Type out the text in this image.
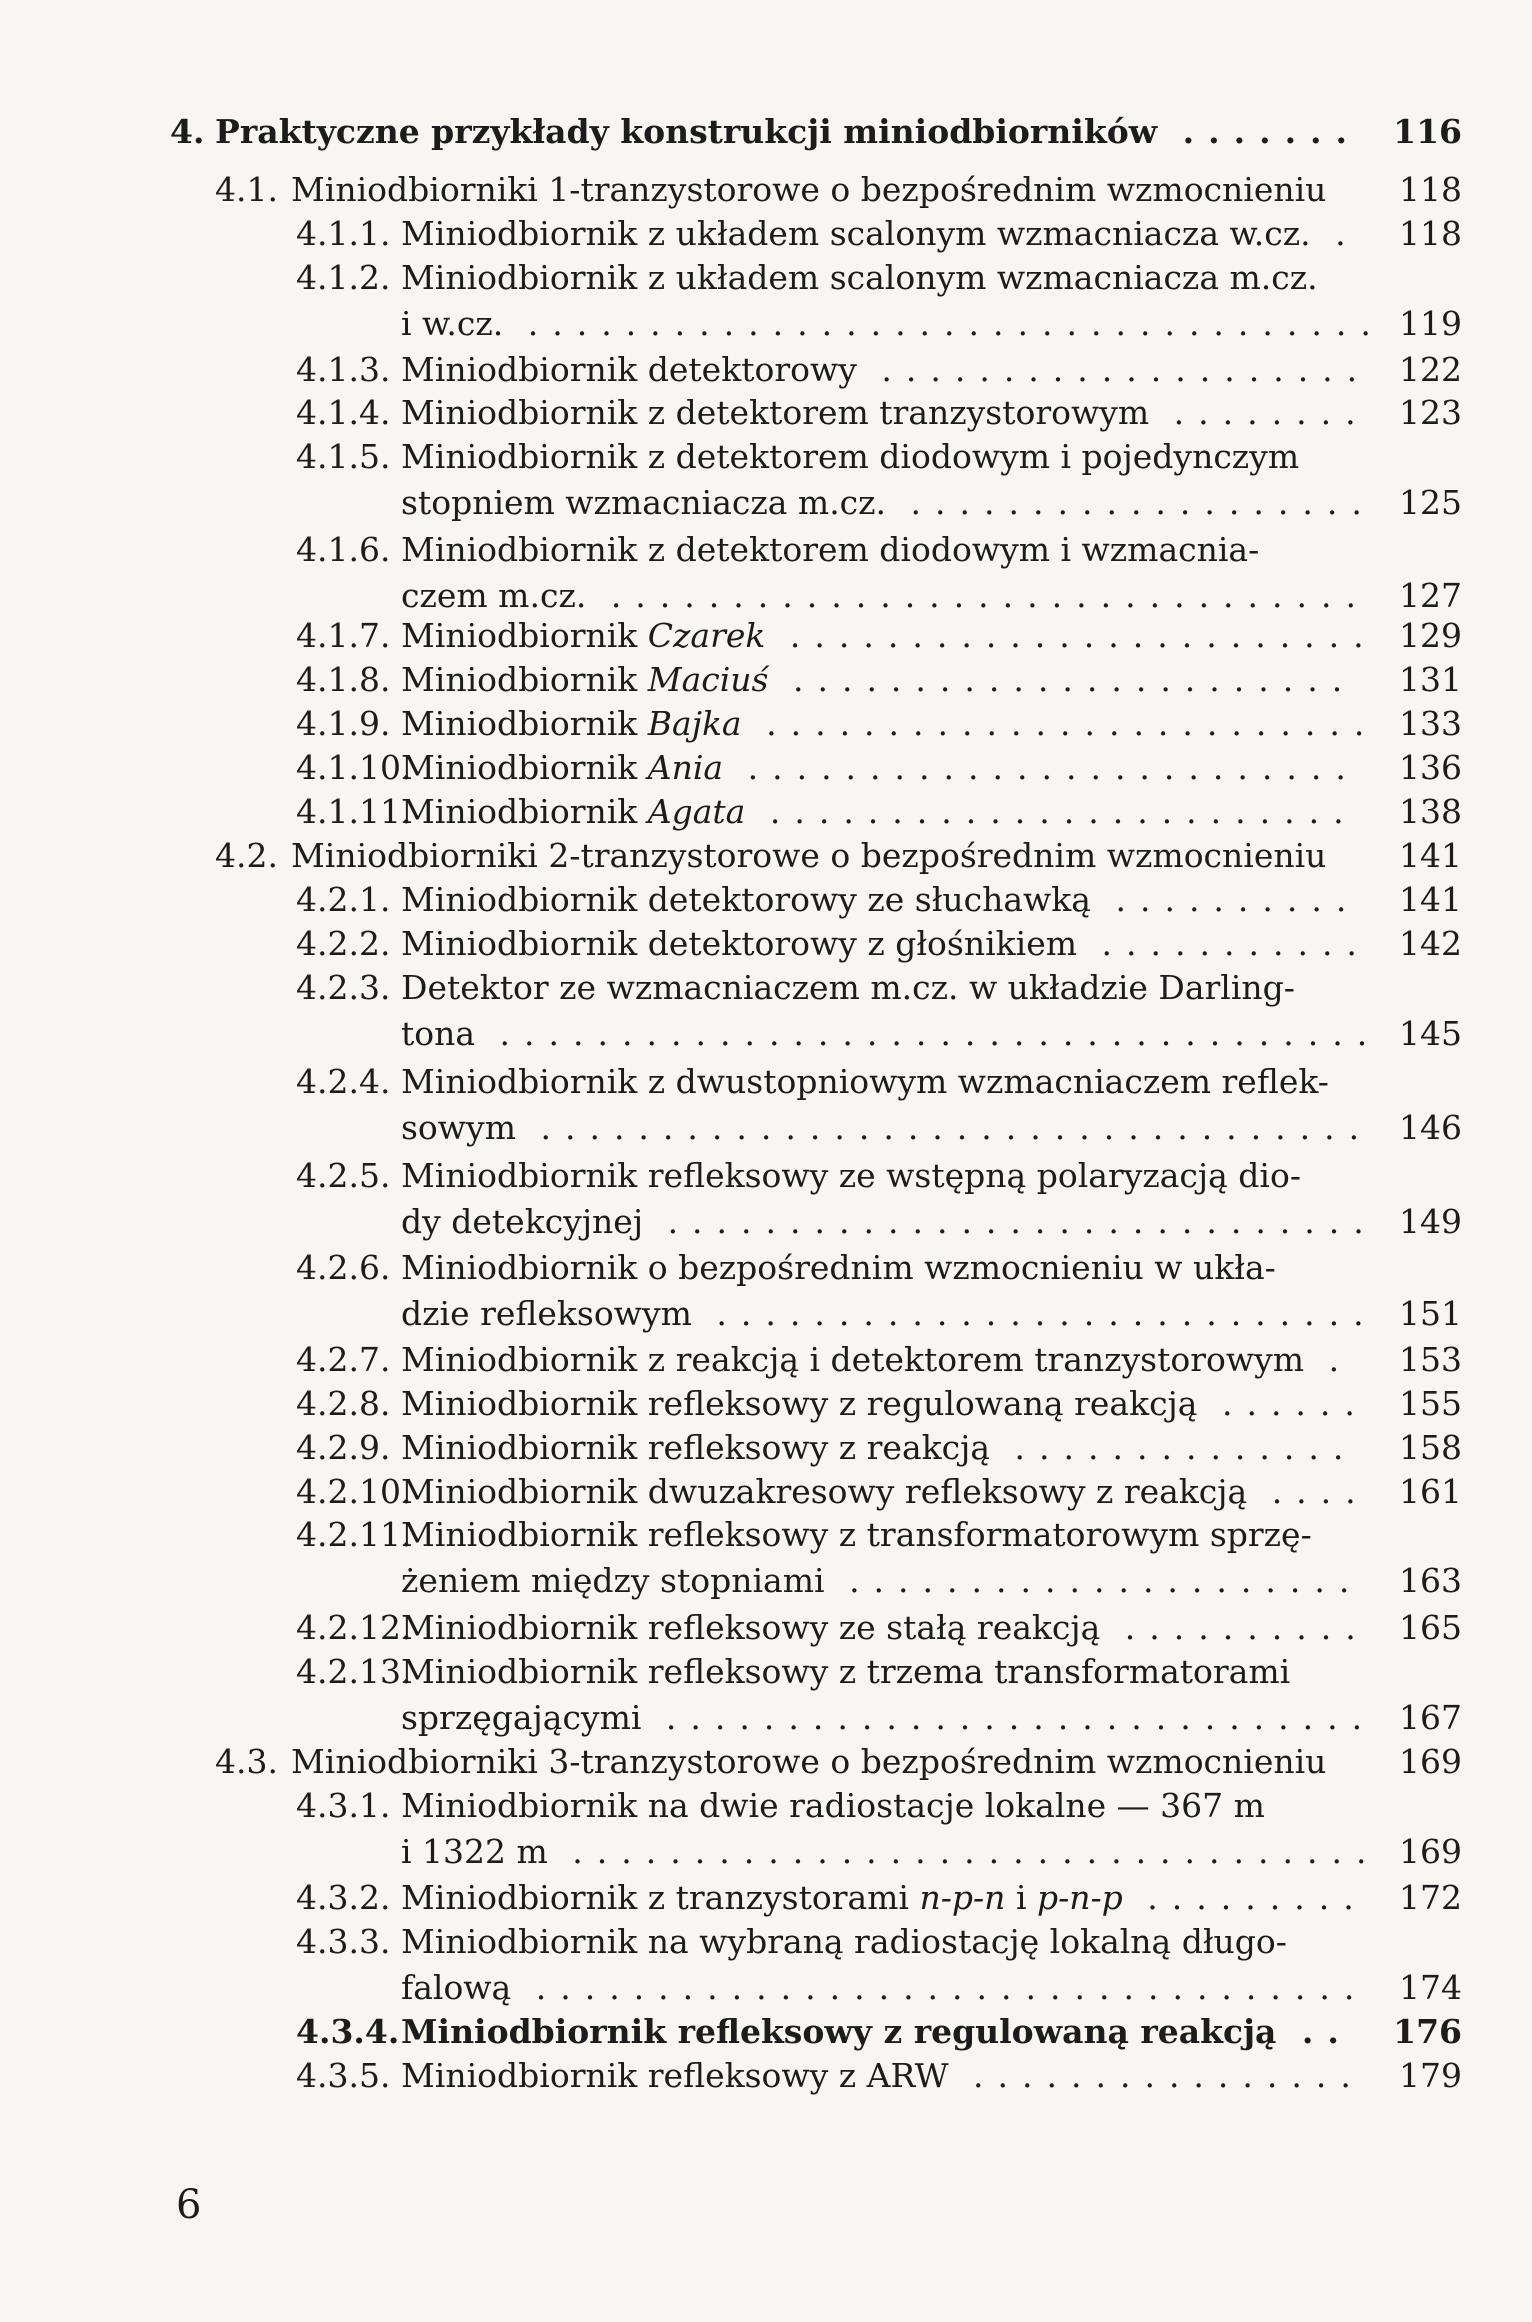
4. Praktyczne przykłady konstrukcji miniodbiorników ....... 116
4.1. Miniodbiorniki 1-tranzystorowe o bezpośrednim wzmocnieniu 118
4.1.1. Miniodbiornik z układem scalonym wzmacniacza w.cz. . 118
4.1.2. Miniodbiornik z układem scalonym wzmacniacza m.cz.
i w.cz. ................................... 119
4.1.3. Miniodbiornik detektorowy .................... 122
4.1.4. Miniodbiornik z detektorem tranzystorowym ........ 123
4.1.5. Miniodbiornik z detektorem diodowym i pojedynczym
stopniem wzmacniacza m.cz. ................... 125
4.1.6. Miniodbiornik z detektorem diodowym i wzmacnia-
czem m.cz. ............................... 127
4.1.7. Miniodbiornik Czarek ........................ 129
4.1.8. Miniodbiornik Maciuś ....................... 131
4.1.9. Miniodbiornik Bajka ......................... 133
4.1.10.
Miniodbiornik Ania ......................... 136
4.1.11.
Miniodbiornik Agata ........................ 138
4.2. Miniodbiorniki 2-tranzystorowe o bezpośrednim wzmocnieniu 141
4.2.1. Miniodbiornik detektorowy ze słuchawką .......... 141
4.2.2. Miniodbiornik detektorowy z głośnikiem ........... 142
4.2.3. Detektor ze wzmacniaczem m.cz. w układzie Darling-
tona .................................... 145
4.2.4. Miniodbiornik z dwustopniowym wzmacniaczem reflek-
sowym .................................. 146
4.2.5. Miniodbiornik refleksowy ze wstępną polaryzacją dio-
dy detekcyjnej ............................. 149
4.2.6. Miniodbiornik o bezpośrednim wzmocnieniu w ukła-
dzie refleksowym ........................... 151
4.2.7. Miniodbiornik z reakcją i detektorem tranzystorowym . 153
4.2.8. Miniodbiornik refleksowy z regulowaną reakcją ...... 155
4.2.9. Miniodbiornik refleksowy z reakcją .............. 158
4.2.10.
Miniodbiornik dwuzakresowy refleksowy z reakcją .... 161
4.2.11.
Miniodbiornik refleksowy z transformatorowym sprzę-
żeniem między stopniami ..................... 163
4.2.12.
Miniodbiornik refleksowy ze stałą reakcją .......... 165
4.2.13.
Miniodbiornik refleksowy z trzema transformatorami
sprzęgającymi ............................. 167
4.3. Miniodbiorniki 3-tranzystorowe o bezpośrednim wzmocnieniu 169
4.3.1. Miniodbiornik na dwie radiostacje lokalne — 367 m
i 1322 m ................................. 169
4.3.2. Miniodbiornik z tranzystorami n-p-n i p-n-p ......... 172
4.3.3. Miniodbiornik na wybraną radiostację lokalną długo-
falową .................................. 174
4.3.4. Miniodbiornik refleksowy z regulowaną reakcją .. 176
4.3.5. Miniodbiornik refleksowy z ARW ................ 179
6
